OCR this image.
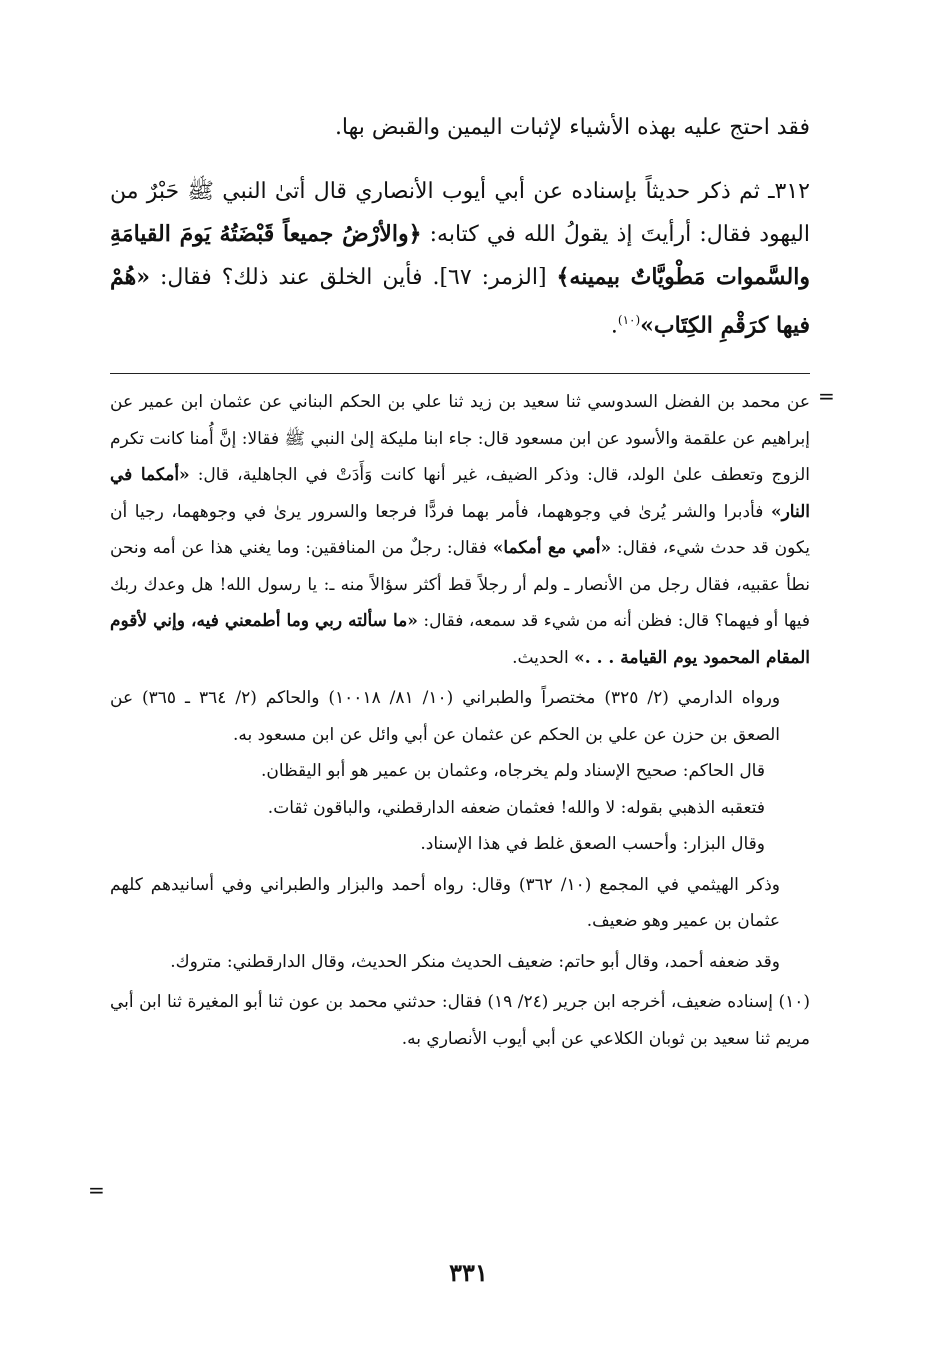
فقد احتج عليه بهذه الأشياء لإثبات اليمين والقبض بها.

٣١٢ـ ثم ذكر حديثاً بإسناده عن أبي أيوب الأنصاري قال أتىٰ النبي ﷺ حَبْرٌ من اليهود فقال: أرأيتَ إذ يقولُ الله في كتابه: ﴿والأرْضُ جميعاً قَبْضَتُهُ يَومَ القيامَةِ والسَّموات مَطْويَّاتٌ بيمينه﴾ [الزمر: ٦٧]. فأين الخلق عند ذلك؟ فقال: «هُمْ فيها كرَقْمِ الكِتَاب»$^{(١٠)}$.

=

عن محمد بن الفضل السدوسي ثنا سعيد بن زيد ثنا علي بن الحكم البناني عن عثمان ابن عمير عن إبراهيم عن علقمة والأسود عن ابن مسعود قال: جاء ابنا مليكة إلىٰ النبي ﷺ فقالا: إنَّ أُمنا كانت تكرم الزوج وتعطف علىٰ الولد، قال: وذكر الضيف، غير أنها كانت وَأَدَتْ في الجاهلية، قال: «أمكما في النار» فأدبرا والشر يُرىٰ في وجوههما، فأمر بهما فردًّا فرجعا والسرور يرىٰ في وجوههما، رجيا أن يكون قد حدث شيء، فقال: «أمي مع أمكما» فقال: رجلٌ من المنافقين: وما يغني هذا عن أمه ونحن نطأ عقبيه، فقال رجل من الأنصار ـ ولم أر رجلاً قط أكثر سؤالاً منه ـ: يا رسول الله! هل وعدك ربك فيها أو فيهما؟ قال: فظن أنه من شيء قد سمعه، فقال: «ما سألته ربي وما أطمعني فيه، وإني لأقوم المقام المحمود يوم القيامة . . .» الحديث.

ورواه الدارمي (٢/ ٣٢٥) مختصراً والطبراني (١٠/ ٨١/ ١٠٠١٨) والحاكم (٢/ ٣٦٤ ـ ٣٦٥) عن الصعق بن حزن عن علي بن الحكم عن عثمان عن أبي وائل عن ابن مسعود به.

قال الحاكم: صحيح الإسناد ولم يخرجاه، وعثمان بن عمير هو أبو اليقظان.

فتعقبه الذهبي بقوله: لا والله! فعثمان ضعفه الدارقطني، والباقون ثقات.

وقال البزار: وأحسب الصعق غلط في هذا الإسناد.

وذكر الهيثمي في المجمع (١٠/ ٣٦٢) وقال: رواه أحمد والبزار والطبراني وفي أسانيدهم كلهم عثمان بن عمير وهو ضعيف.

وقد ضعفه أحمد، وقال أبو حاتم: ضعيف الحديث منكر الحديث، وقال الدارقطني: متروك.

(١٠) إسناده ضعيف، أخرجه ابن جرير (٢٤/ ١٩) فقال: حدثني محمد بن عون ثنا أبو المغيرة ثنا ابن أبي مريم ثنا سعيد بن ثوبان الكلاعي عن أبي أيوب الأنصاري به.

=
٣٣١
